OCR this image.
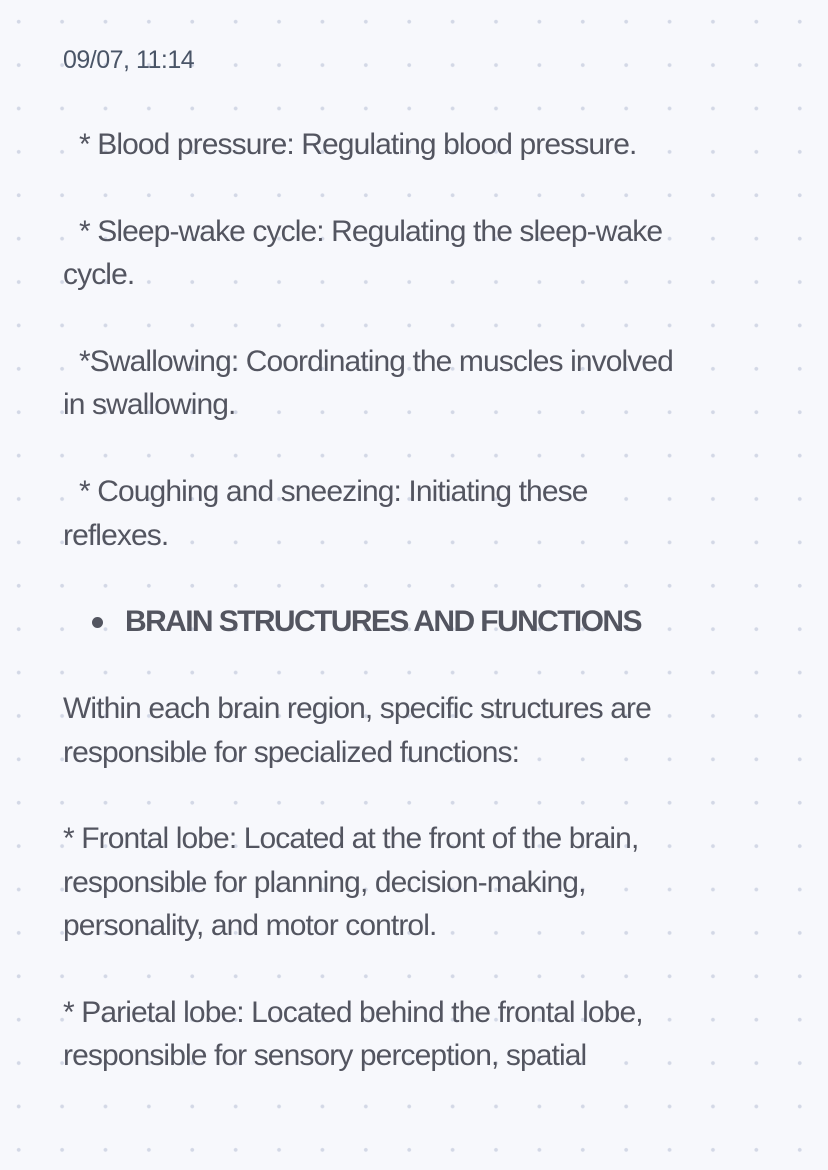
09/07, 11:14
* Blood pressure: Regulating blood pressure.
* Sleep-wake cycle: Regulating the sleep-wake
cycle.
*Swallowing: Coordinating the muscles involved
in swallowing.
* Coughing and sneezing: Initiating these
reflexes.
BRAIN STRUCTURES AND FUNCTIONS
Within each brain region, specific structures are
responsible for specialized functions:
* Frontal lobe: Located at the front of the brain,
responsible for planning, decision-making,
personality, and motor control.
* Parietal lobe: Located behind the frontal lobe,
responsible for sensory perception, spatial
